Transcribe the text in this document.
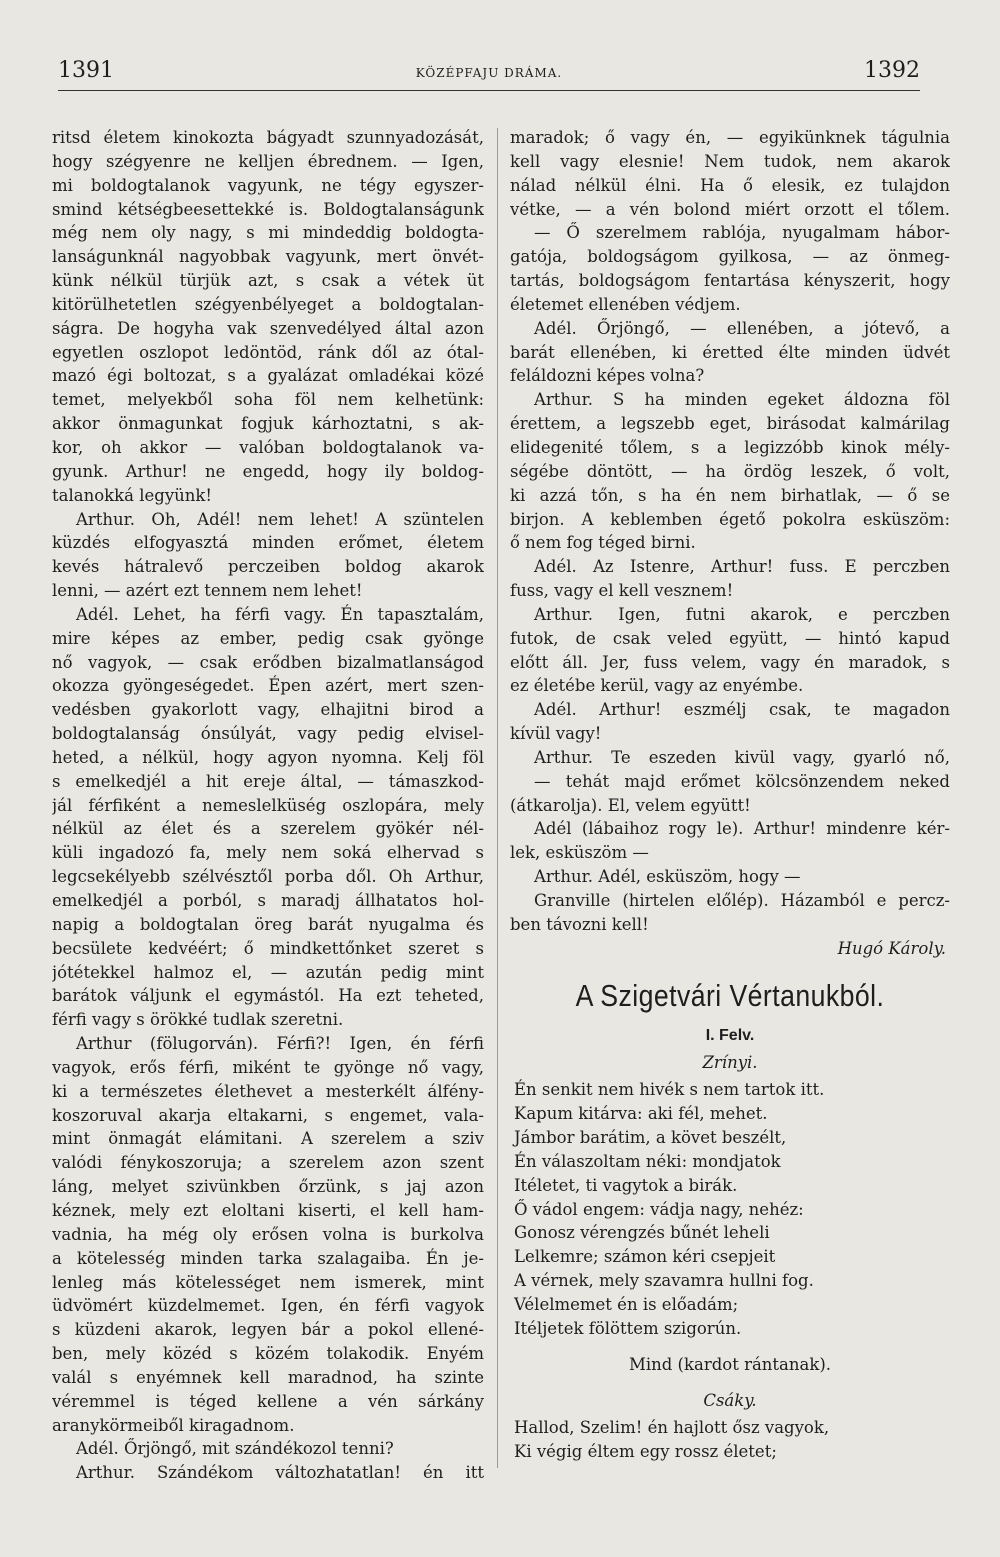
1391	KÖZÉPFAJU DRÁMA.	1392
ritsd életem kinokozta bágyadt szunnyadozását,
hogy szégyenre ne kelljen ébrednem. — Igen,
mi boldogtalanok vagyunk, ne tégy egyszer-
smind kétségbeesettekké is. Boldogtalanságunk
még nem oly nagy, s mi mindeddig boldogta-
lanságunknál nagyobbak vagyunk, mert önvét-
künk nélkül türjük azt, s csak a vétek üt
kitörülhetetlen szégyenbélyeget a boldogtalan-
ságra. De hogyha vak szenvedélyed által azon
egyetlen oszlopot ledöntöd, ránk dől az ótal-
mazó égi boltozat, s a gyalázat omladékai közé
temet, melyekből soha föl nem kelhetünk:
akkor önmagunkat fogjuk kárhoztatni, s ak-
kor, oh akkor — valóban boldogtalanok va-
gyunk. Arthur! ne engedd, hogy ily boldog-
talanokká legyünk!
Arthur. Oh, Adél! nem lehet! A szüntelen
küzdés elfogyasztá minden erőmet, életem
kevés hátralevő perczeiben boldog akarok
lenni, — azért ezt tennem nem lehet!
Adél. Lehet, ha férfi vagy. Én tapasztalám,
mire képes az ember, pedig csak gyönge
nő vagyok, — csak erődben bizalmatlanságod
okozza gyöngeségedet. Épen azért, mert szen-
vedésben gyakorlott vagy, elhajitni birod a
boldogtalanság ónsúlyát, vagy pedig elvisel-
heted, a nélkül, hogy agyon nyomna. Kelj föl
s emelkedjél a hit ereje által, — támaszkod-
jál férfiként a nemeslelküség oszlopára, mely
nélkül az élet és a szerelem gyökér nél-
küli ingadozó fa, mely nem soká elhervad s
legcsekélyebb szélvésztől porba dől. Oh Arthur,
emelkedjél a porból, s maradj állhatatos hol-
napig a boldogtalan öreg barát nyugalma és
becsülete kedvéért; ő mindkettőnket szeret s
jótétekkel halmoz el, — azután pedig mint
barátok váljunk el egymástól. Ha ezt teheted,
férfi vagy s örökké tudlak szeretni.
Arthur (fölugorván). Férfi?! Igen, én férfi
vagyok, erős férfi, miként te gyönge nő vagy,
ki a természetes élethevet a mesterkélt álfény-
koszoruval akarja eltakarni, s engemet, vala-
mint önmagát elámitani. A szerelem a sziv
valódi fénykoszoruja; a szerelem azon szent
láng, melyet szivünkben őrzünk, s jaj azon
kéznek, mely ezt eloltani kiserti, el kell ham-
vadnia, ha még oly erősen volna is burkolva
a kötelesség minden tarka szalagaiba. Én je-
lenleg más kötelességet nem ismerek, mint
üdvömért küzdelmemet. Igen, én férfi vagyok
s küzdeni akarok, legyen bár a pokol ellené-
ben, mely közéd s közém tolakodik. Enyém
valál s enyémnek kell maradnod, ha szinte
véremmel is téged kellene a vén sárkány
aranykörmeiből kiragadnom.
Adél. Őrjöngő, mit szándékozol tenni?
Arthur. Szándékom változhatatlan! én itt
maradok; ő vagy én, — egyikünknek tágulnia
kell vagy elesnie! Nem tudok, nem akarok
nálad nélkül élni. Ha ő elesik, ez tulajdon
vétke, — a vén bolond miért orzott el tőlem.
— Ő szerelmem rablója, nyugalmam hábor-
gatója, boldogságom gyilkosa, — az önmeg-
tartás, boldogságom fentartása kényszerit, hogy
életemet ellenében védjem.
Adél. Őrjöngő, — ellenében, a jótevő, a
barát ellenében, ki éretted élte minden üdvét
feláldozni képes volna?
Arthur. S ha minden egeket áldozna föl
érettem, a legszebb eget, birásodat kalmárilag
elidegenité tőlem, s a legizzóbb kinok mély-
ségébe döntött, — ha ördög leszek, ő volt,
ki azzá tőn, s ha én nem birhatlak, — ő se
birjon. A keblemben égető pokolra esküszöm:
ő nem fog téged birni.
Adél. Az Istenre, Arthur! fuss. E perczben
fuss, vagy el kell vesznem!
Arthur. Igen, futni akarok, e perczben
futok, de csak veled együtt, — hintó kapud
előtt áll. Jer, fuss velem, vagy én maradok, s
ez életébe kerül, vagy az enyémbe.
Adél. Arthur! eszmélj csak, te magadon
kívül vagy!
Arthur. Te eszeden kivül vagy, gyarló nő,
— tehát majd erőmet kölcsönzendem neked
(átkarolja). El, velem együtt!
Adél (lábaihoz rogy le). Arthur! mindenre kér-
lek, esküszöm —
Arthur. Adél, esküszöm, hogy —
Granville (hirtelen előlép). Házamból e percz-
ben távozni kell!
Hugó Károly.
A Szigetvári Vértanukból.
I. Felv.
Zrínyi.
Én senkit nem hivék s nem tartok itt.
Kapum kitárva: aki fél, mehet.
Jámbor barátim, a követ beszélt,
Én válaszoltam néki: mondjatok
Itéletet, ti vagytok a birák.
Ő vádol engem: vádja nagy, nehéz:
Gonosz vérengzés bűnét leheli
Lelkemre; számon kéri csepjeit
A vérnek, mely szavamra hullni fog.
Vélelmemet én is előadám;
Itéljetek fölöttem szigorún.
Mind (kardot rántanak).
Csáky.
Hallod, Szelim! én hajlott ősz vagyok,
Ki végig éltem egy rossz életet;
